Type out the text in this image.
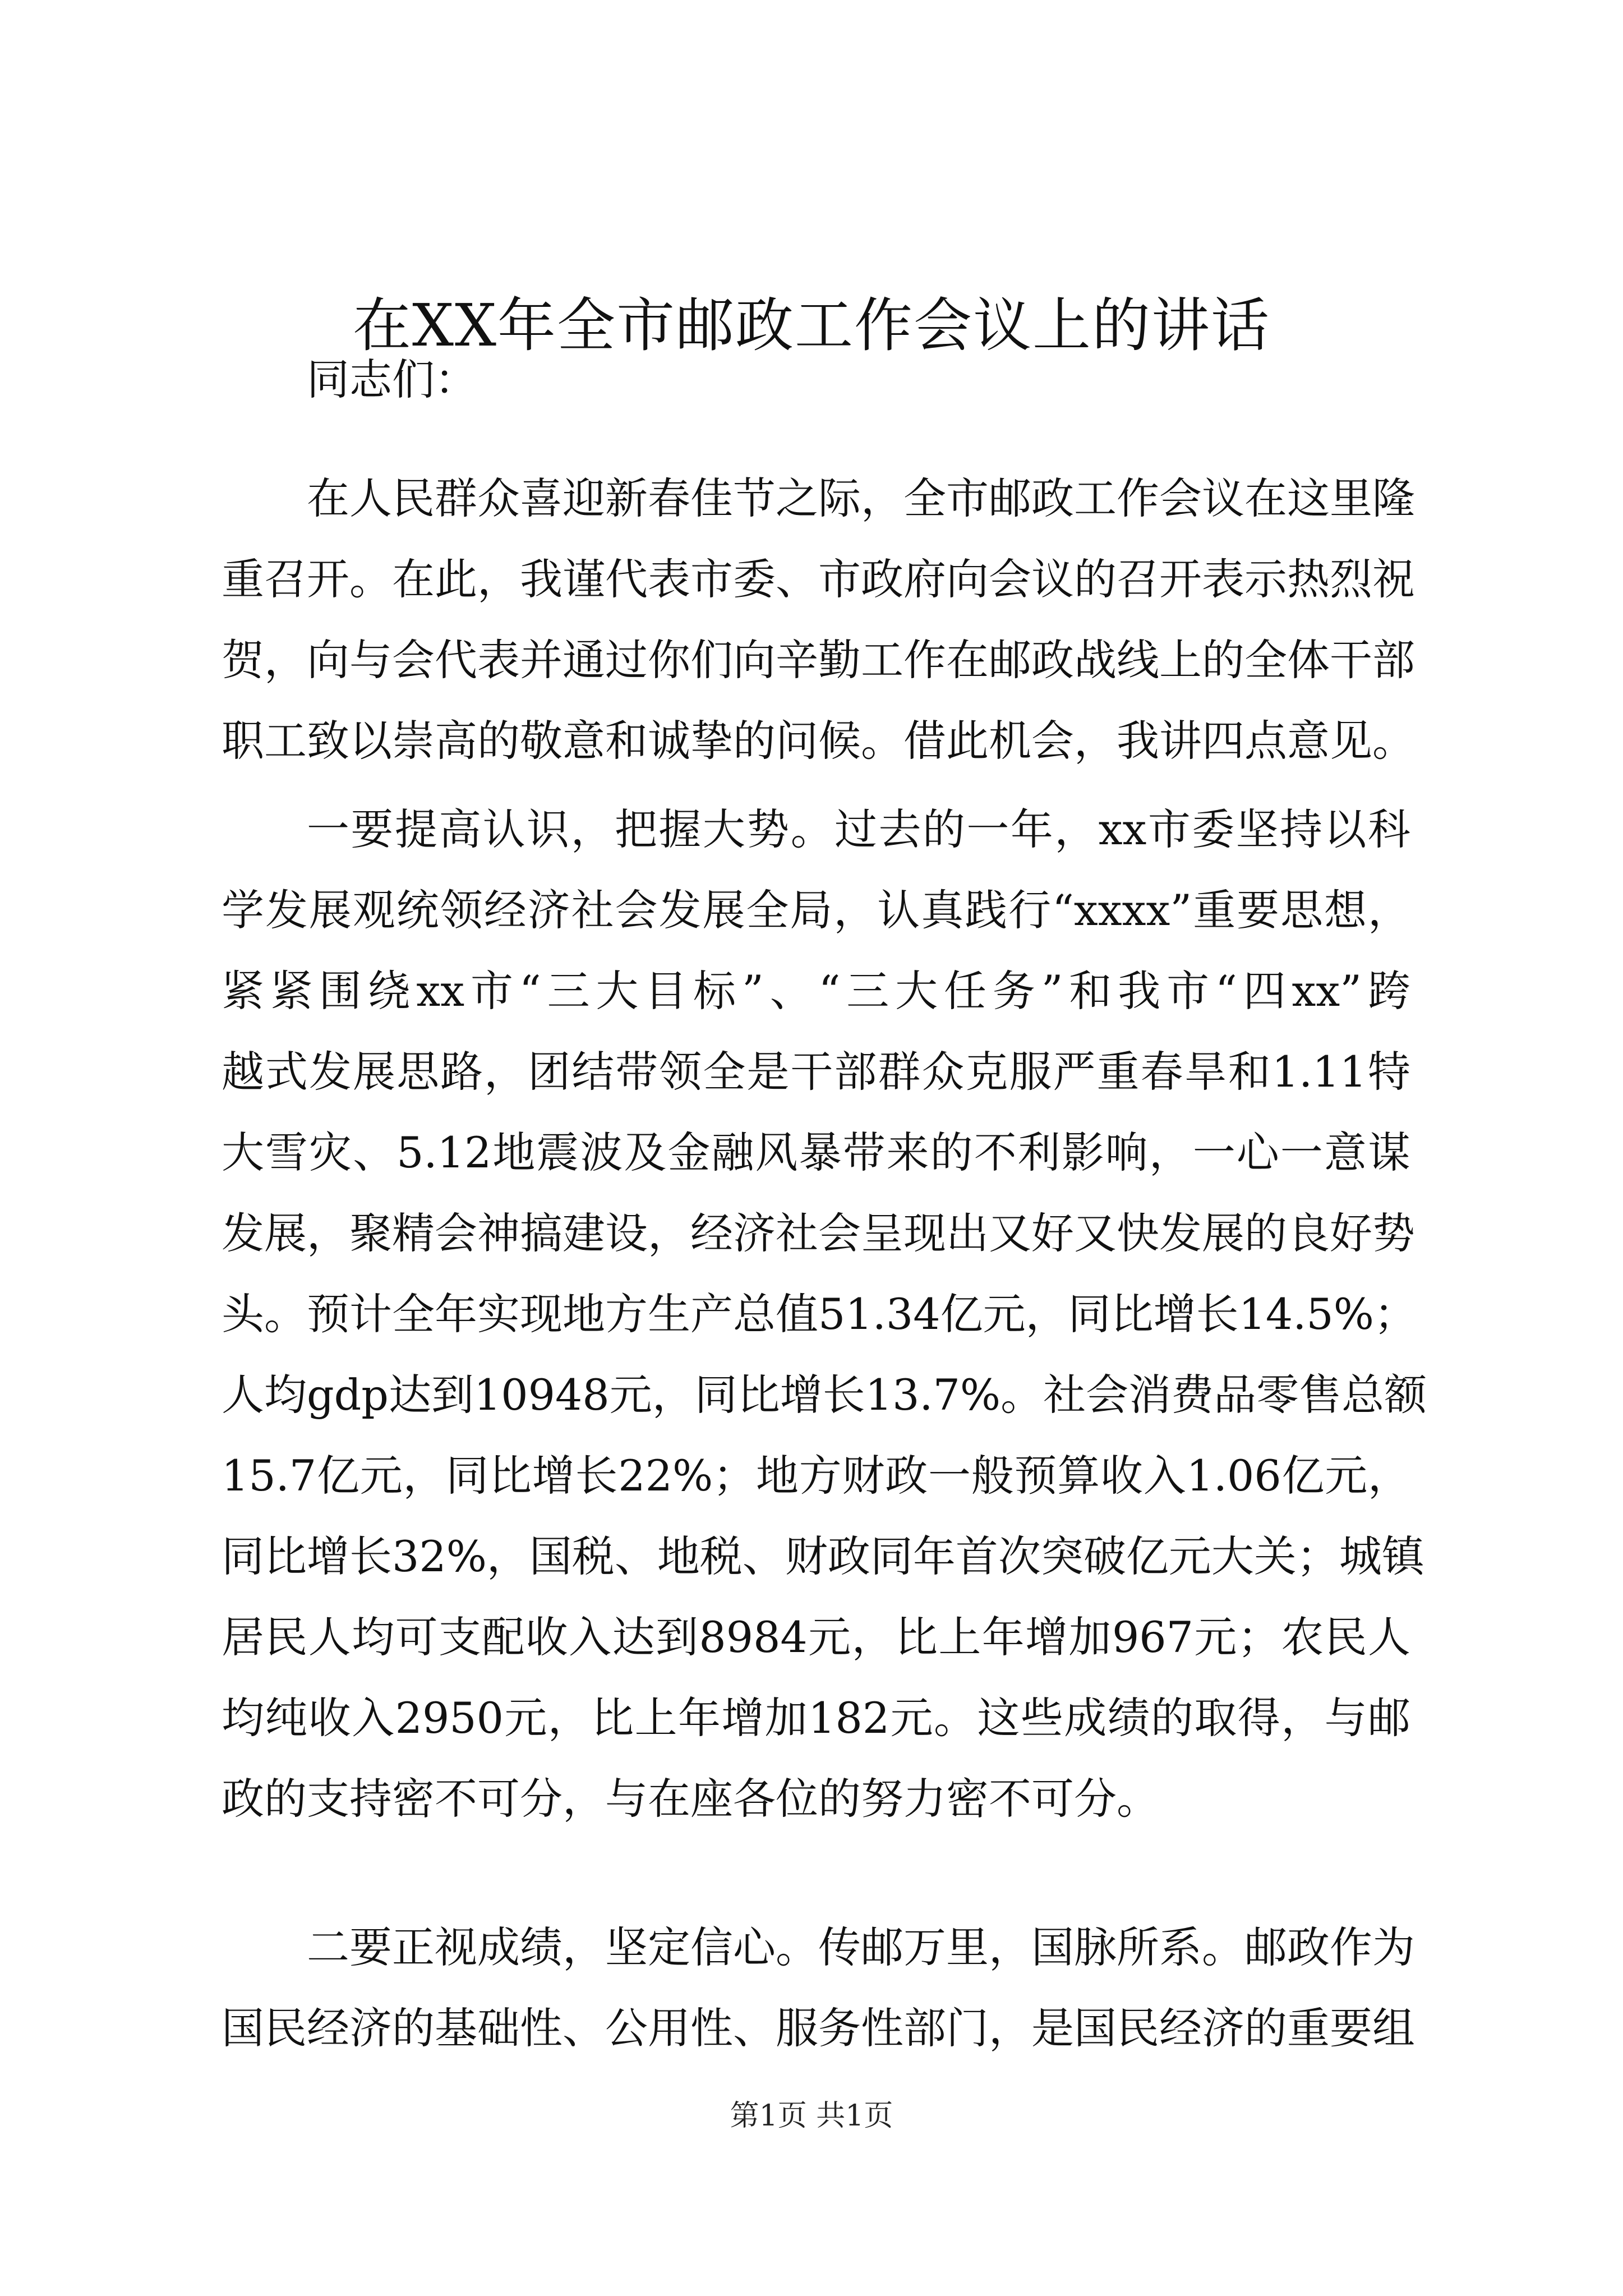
在XX年全市邮政工作会议上的讲话
同志们：
在人民群众喜迎新春佳节之际，全市邮政工作会议在这里隆
重召开。在此，我谨代表市委、市政府向会议的召开表示热烈祝
贺，向与会代表并通过你们向辛勤工作在邮政战线上的全体干部
职工致以崇高的敬意和诚挚的问候。借此机会，我讲四点意见。
一要提高认识，把握大势。过去的一年，xx市委坚持以科
学发展观统领经济社会发展全局，认真践行“xxxx”重要思想，
紧紧围绕xx市“三大目标”、“三大任务”和我市“四xx”跨
越式发展思路，团结带领全是干部群众克服严重春旱和1.11特
大雪灾、5.12地震波及金融风暴带来的不利影响，一心一意谋
发展，聚精会神搞建设，经济社会呈现出又好又快发展的良好势
头。预计全年实现地方生产总值51.34亿元，同比增长14.5%；
人均gdp达到10948元，同比增长13.7%。社会消费品零售总额
15.7亿元，同比增长22%；地方财政一般预算收入1.06亿元，
同比增长32%，国税、地税、财政同年首次突破亿元大关；城镇
居民人均可支配收入达到8984元，比上年增加967元；农民人
均纯收入2950元，比上年增加182元。这些成绩的取得，与邮
政的支持密不可分，与在座各位的努力密不可分。
二要正视成绩，坚定信心。传邮万里，国脉所系。邮政作为
国民经济的基础性、公用性、服务性部门，是国民经济的重要组
第1页 共1页
